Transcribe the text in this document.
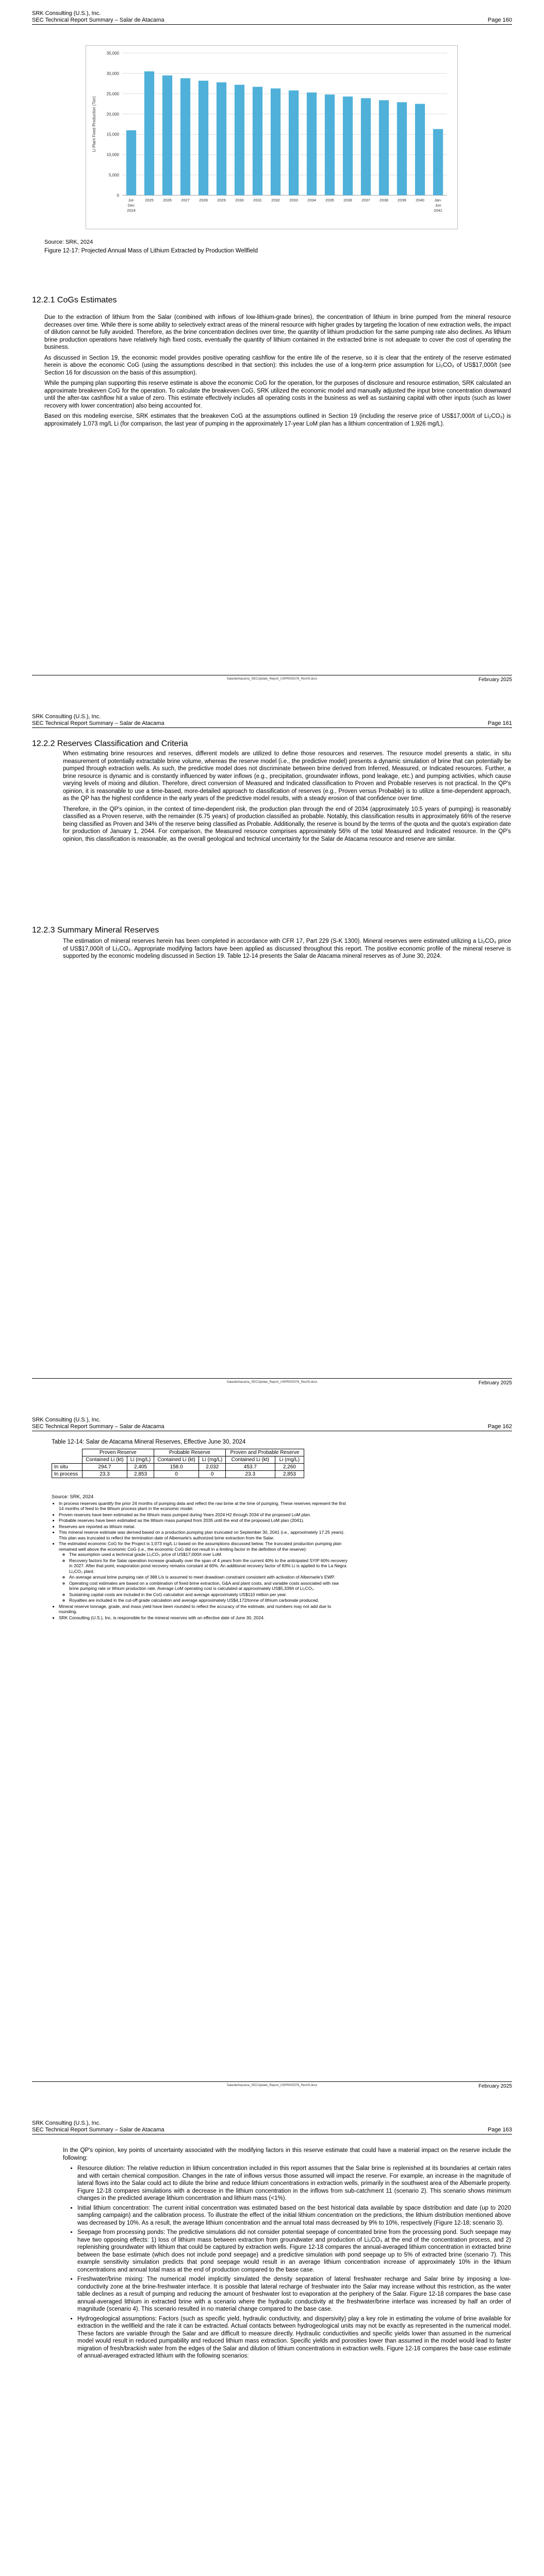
SRK Consulting (U.S.), Inc.
SEC Technical Report Summary – Salar de Atacama	Page 160
35,000
30,000
25,000
20,000
15,000
10,000
5,000
0
Li Plant Feed Production (Ton)
Jul-
Dec
2024
2025 2026 2027 2028 2029 2030 2031 2032 2033 2034 2035 2036 2037 2038 2039 2040	Jan-
Jun
2041
Source: SRK, 2024
Figure 12-17: Projected Annual Mass of Lithium Extracted by Production Wellfield
12.2.1 CoGs Estimates

Due to the extraction of lithium from the Salar (combined with inflows of low-lithium-grade brines), the concentration of lithium in brine pumped from the mineral resource decreases over time. While there is some ability to selectively extract areas of the mineral resource with higher grades by targeting the location of new extraction wells, the impact of dilution cannot be fully avoided. Therefore, as the brine concentration declines over time, the quantity of lithium production for the same pumping rate also declines. As lithium brine production operations have relatively high fixed costs, eventually the quantity of lithium contained in the extracted brine is not adequate to cover the cost of operating the business.

As discussed in Section 19, the economic model provides positive operating cashflow for the entire life of the reserve, so it is clear that the entirety of the reserve estimated herein is above the economic CoG (using the assumptions described in that section): this includes the use of a long-term price assumption for Li₂CO₃ of US$17,000/t (see Section 16 for discussion on the basis of this assumption).

While the pumping plan supporting this reserve estimate is above the economic CoG for the operation, for the purposes of disclosure and resource estimation, SRK calculated an approximate breakeven CoG for the operation. To calculate the breakeven CoG, SRK utilized the economic model and manually adjusted the input brine concentration downward until the after-tax cashflow hit a value of zero. This estimate effectively includes all operating costs in the business as well as sustaining capital with other inputs (such as lower recovery with lower concentration) also being accounted for.

Based on this modeling exercise, SRK estimates that the breakeven CoG at the assumptions outlined in Section 19 (including the reserve price of US$17,000/t of Li₂CO₃) is approximately 1,073 mg/L Li (for comparison, the last year of pumping in the approximately 17-year LoM plan has a lithium concentration of 1,926 mg/L).

SalardeAtacama_SECUpdate_Report_USPR002576_Rev00.docx	February 2025
SRK Consulting (U.S.), Inc.
SEC Technical Report Summary – Salar de Atacama	Page 161
12.2.2 Reserves Classification and Criteria

When estimating brine resources and reserves, different models are utilized to define those resources and reserves. The resource model presents a static, in situ measurement of potentially extractable brine volume, whereas the reserve model (i.e., the predictive model) presents a dynamic simulation of brine that can potentially be pumped through extraction wells. As such, the predictive model does not discriminate between brine derived from Inferred, Measured, or Indicated resources. Further, a brine resource is dynamic and is constantly influenced by water inflows (e.g., precipitation, groundwater inflows, pond leakage, etc.) and pumping activities, which cause varying levels of mixing and dilution. Therefore, direct conversion of Measured and Indicated classification to Proven and Probable reserves is not practical. In the QP's opinion, it is reasonable to use a time-based, more-detailed approach to classification of reserves (e.g., Proven versus Probable) is to utilize a time-dependent approach, as the QP has the highest confidence in the early years of the predictive model results, with a steady erosion of that confidence over time.

Therefore, in the QP's opinion, in the context of time-dependent risk, the production plan through the end of 2034 (approximately 10.5 years of pumping) is reasonably classified as a Proven reserve, with the remainder (6.75 years) of production classified as probable. Notably, this classification results in approximately 66% of the reserve being classified as Proven and 34% of the reserve being classified as Probable. Additionally, the reserve is bound by the terms of the quota and the quota's expiration date for production of January 1, 2044. For comparison, the Measured resource comprises approximately 56% of the total Measured and Indicated resource. In the QP's opinion, this classification is reasonable, as the overall geological and technical uncertainty for the Salar de Atacama resource and reserve are similar.

12.2.3 Summary Mineral Reserves

The estimation of mineral reserves herein has been completed in accordance with CFR 17, Part 229 (S-K 1300). Mineral reserves were estimated utilizing a Li₂CO₃ price of US$17,000/t of Li₂CO₃. Appropriate modifying factors have been applied as discussed throughout this report. The positive economic profile of the mineral reserve is supported by the economic modeling discussed in Section 19. Table 12-14 presents the Salar de Atacama mineral reserves as of June 30, 2024.

SalardeAtacama_SECUpdate_Report_USPR002576_Rev00.docx	February 2025
SRK Consulting (U.S.), Inc.
SEC Technical Report Summary – Salar de Atacama	Page 162
Table 12-14: Salar de Atacama Mineral Reserves, Effective June 30, 2024
	Proven Reserve		Probable Reserve		Proven and Probable Reserve	
	Contained Li (kt)	Li (mg/L)	Contained Li (kt)	Li (mg/L)	Contained Li (kt)	Li (mg/L)
In situ	294.7	2,405	158.0	2,032	453.7	2,260
In process	23.3	2,853	0	0	23.3	2,853
Source: SRK, 2024
• In process reserves quantify the prior 24 months of pumping data and reflect the raw brine at the time of pumping. These reserves represent the first 14 months of feed to the lithium process plant in the economic model.
• Proven reserves have been estimated as the lithium mass pumped during Years 2024 H2 through 2034 of the proposed LoM plan.
• Probable reserves have been estimated as the lithium mass pumped from 2035 until the end of the proposed LoM plan (2041).
• Reserves are reported as lithium metal.
• This mineral reserve estimate was derived based on a production pumping plan truncated on September 30, 2041 (i.e., approximately 17.25 years). This plan was truncated to reflect the termination date of Albemarle's authorized brine extraction from the Salar.
• The estimated economic CoG for the Project is 1,073 mg/L Li based on the assumptions discussed below. The truncated production pumping plan remained well above the economic CoG (i.e., the economic CoG did not result in a limiting factor in the definition of the reserve):
◦ The assumption used a technical grade Li₂CO₃ price of US$17,000/t over LoM.
◦ Recovery factors for the Salar operation increase gradually over the span of 4 years from the current 40% to the anticipated SYIP 60% recovery in 2027. After that point, evaporation pond recovery remains constant at 60%. An additional recovery factor of 83% Li is applied to the La Negra Li₂CO₃ plant.
◦ An average annual brine pumping rate of 388 L/s is assumed to meet drawdown constraint consistent with activation of Albemarle's EWP.
◦ Operating cost estimates are based on a combination of fixed brine extraction, G&A and plant costs, and variable costs associated with raw brine pumping rate or lithium production rate. Average LoM operating cost is calculated at approximately US$5,339/t of Li₂CO₃.
◦ Sustaining capital costs are included in the CoG calculation and average approximately US$110 million per year.
◦ Royalties are included in the cut-off grade calculation and average approximately US$4,172/tonne of lithium carbonate produced.
• Mineral reserve tonnage, grade, and mass yield have been rounded to reflect the accuracy of the estimate, and numbers may not add due to rounding.
• SRK Consulting (U.S.), Inc. is responsible for the mineral reserves with an effective date of June 30, 2024.
SalardeAtacama_SECUpdate_Report_USPR002576_Rev00.docx	February 2025
SRK Consulting (U.S.), Inc.
SEC Technical Report Summary – Salar de Atacama	Page 163

In the QP's opinion, key points of uncertainty associated with the modifying factors in this reserve estimate that could have a material impact on the reserve include the following:

• Resource dilution: The relative reduction in lithium concentration included in this report assumes that the Salar brine is replenished at its boundaries at certain rates and with certain chemical composition. Changes in the rate of inflows versus those assumed will impact the reserve. For example, an increase in the magnitude of lateral flows into the Salar could act to dilute the brine and reduce lithium concentrations in extraction wells, primarily in the southwest area of the Albemarle property. Figure 12-18 compares simulations with a decrease in the lithium concentration in the inflows from sub-catchment 11 (scenario 2). This scenario shows minimum changes in the predicted average lithium concentration and lithium mass (<1%).
• Initial lithium concentration: The current initial concentration was estimated based on the best historical data available by space distribution and date (up to 2020 sampling campaign) and the calibration process. To illustrate the effect of the initial lithium concentration on the predictions, the lithium distribution mentioned above was decreased by 10%. As a result, the average lithium concentration and the annual total mass decreased by 9% to 10%, respectively (Figure 12-18; scenario 3).
• Seepage from processing ponds: The predictive simulations did not consider potential seepage of concentrated brine from the processing pond. Such seepage may have two opposing effects: 1) loss of lithium mass between extraction from groundwater and production of Li₂CO₃ at the end of the concentration process, and 2) replenishing groundwater with lithium that could be captured by extraction wells. Figure 12-18 compares the annual-averaged lithium concentration in extracted brine between the base estimate (which does not include pond seepage) and a predictive simulation with pond seepage up to 5% of extracted brine (scenario 7). This example sensitivity simulation predicts that pond seepage would result in an average lithium concentration increase of approximately 10% in the lithium concentrations and annual total mass at the end of production compared to the base case.
• Freshwater/brine mixing: The numerical model implicitly simulated the density separation of lateral freshwater recharge and Salar brine by imposing a low-conductivity zone at the brine-freshwater interface. It is possible that lateral recharge of freshwater into the Salar may increase without this restriction, as the water table declines as a result of pumping and reducing the amount of freshwater lost to evaporation at the periphery of the Salar. Figure 12-18 compares the base case annual-averaged lithium in extracted brine with a scenario where the hydraulic conductivity at the freshwater/brine interface was increased by half an order of magnitude (scenario 4). This scenario resulted in no material change compared to the base case.
• Hydrogeological assumptions: Factors (such as specific yield, hydraulic conductivity, and dispersivity) play a key role in estimating the volume of brine available for extraction in the wellfield and the rate it can be extracted. Actual contacts between hydrogeological units may not be exactly as represented in the numerical model. These factors are variable through the Salar and are difficult to measure directly. Hydraulic conductivities and specific yields lower than assumed in the numerical model would result in reduced pumpability and reduced lithium mass extraction. Specific yields and porosities lower than assumed in the model would lead to faster migration of fresh/brackish water from the edges of the Salar and dilution of lithium concentrations in extraction wells. Figure 12-18 compares the base case estimate of annual-averaged extracted lithium with the following scenarios:
